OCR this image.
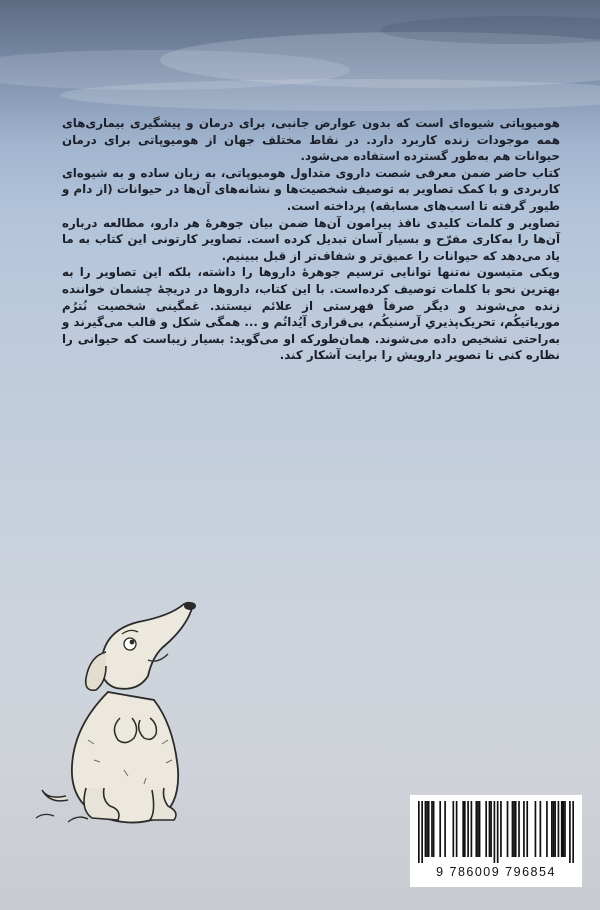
هومیوپاتی شیوه‌ای است که بدون عوارض جانبی، برای درمان و پیشگیری بیماری‌های همه موجودات زنده کاربرد دارد. در نقاط مختلف جهان از هومیوپاتی برای درمان حیوانات هم به‌طور گسترده استفاده می‌شود.

کتاب حاضر ضمن معرفی شصت داروی متداول هومیوپاتی، به زبان ساده و به شیوه‌ای کاربردی و با کمک تصاویر به توصیف شخصیت‌ها و نشانه‌های آن‌ها در حیوانات (از دام و طیور گرفته تا اسب‌های مسابقه) پرداخته است.

تصاویر و کلمات کلیدی نافذ پیرامون آن‌ها ضمن بیان جوهرهٔ هر دارو، مطالعه درباره آن‌ها را به‌کاری مفرّح و بسیار آسان تبدیل کرده است. تصاویر کارتونی این کتاب به ما یاد می‌دهد که حیوانات را عمیق‌تر و شفاف‌تر از قبل ببینیم.

ویکی متیسون نه‌تنها توانایی ترسیم جوهرهٔ داروها را داشته، بلکه این تصاویر را به بهترین نحو با کلمات توصیف کرده‌است. با این کتاب، داروها در دریچهٔ چشمان خواننده زنده می‌شوند و دیگر صرفاً فهرستی از علائم نیستند. غمگینی شخصیت نُترُم موریاتیکُم، تحریک‌پذیریِ آرسنیکُم، بی‌قراری آیُداتُم و ... همگی شکل و قالب می‌گیرند و به‌راحتی تشخیص داده می‌شوند. همان‌طورکه او می‌گوید: بسیار زیباست که حیوانی را نظاره کنی تا تصویر دارویش را برایت آشکار کند.

9 786009 796854
